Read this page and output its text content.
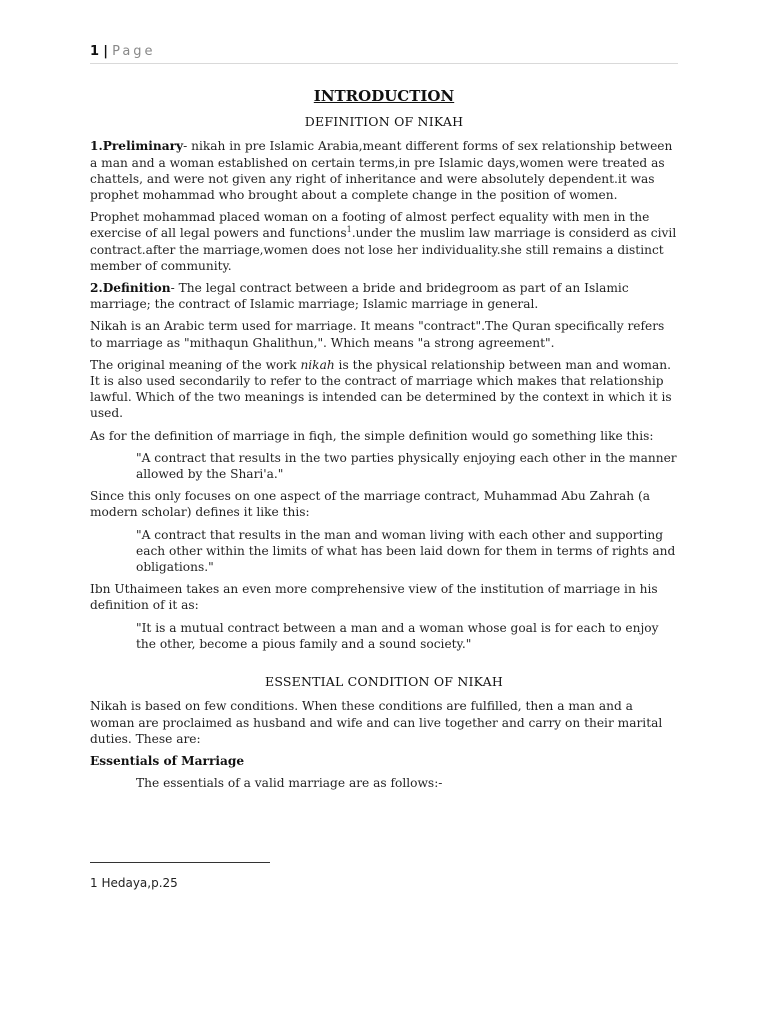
1 | Page
INTRODUCTION
DEFINITION OF NIKAH

1.Preliminary- nikah in pre Islamic Arabia,meant different forms of sex relationship between a man and a woman established on certain terms,in pre Islamic days,women were treated as chattels, and were not given any right of inheritance and were absolutely dependent.it was prophet mohammad who brought about a complete change in the position of women.

Prophet mohammad placed woman on a footing of almost perfect equality with men in the exercise of all legal powers and functions$^1$.under the muslim law marriage is considerd as civil contract.after the marriage,women does not lose her individuality.she still remains a distinct member of community.

2.Definition- The legal contract between a bride and bridegroom as part of an Islamic marriage; the contract of Islamic marriage; Islamic marriage in general.

Nikah is an Arabic term used for marriage. It means "contract".The Quran specifically refers to marriage as "mithaqun Ghalithun,". Which means "a strong agreement".

The original meaning of the work nikah is the physical relationship between man and woman. It is also used secondarily to refer to the contract of marriage which makes that relationship lawful. Which of the two meanings is intended can be determined by the context in which it is used.

As for the definition of marriage in fiqh, the simple definition would go something like this:

"A contract that results in the two parties physically enjoying each other in the manner allowed by the Shari'a."

Since this only focuses on one aspect of the marriage contract, Muhammad Abu Zahrah (a modern scholar) defines it like this:

"A contract that results in the man and woman living with each other and supporting each other within the limits of what has been laid down for them in terms of rights and obligations."

Ibn Uthaimeen takes an even more comprehensive view of the institution of marriage in his definition of it as:

"It is a mutual contract between a man and a woman whose goal is for each to enjoy the other, become a pious family and a sound society."

ESSENTIAL CONDITION OF NIKAH

Nikah is based on few conditions. When these conditions are fulfilled, then a man and a woman are proclaimed as husband and wife and can live together and carry on their marital duties. These are:

Essentials of Marriage

The essentials of a valid marriage are as follows:-

1 Hedaya,p.25
